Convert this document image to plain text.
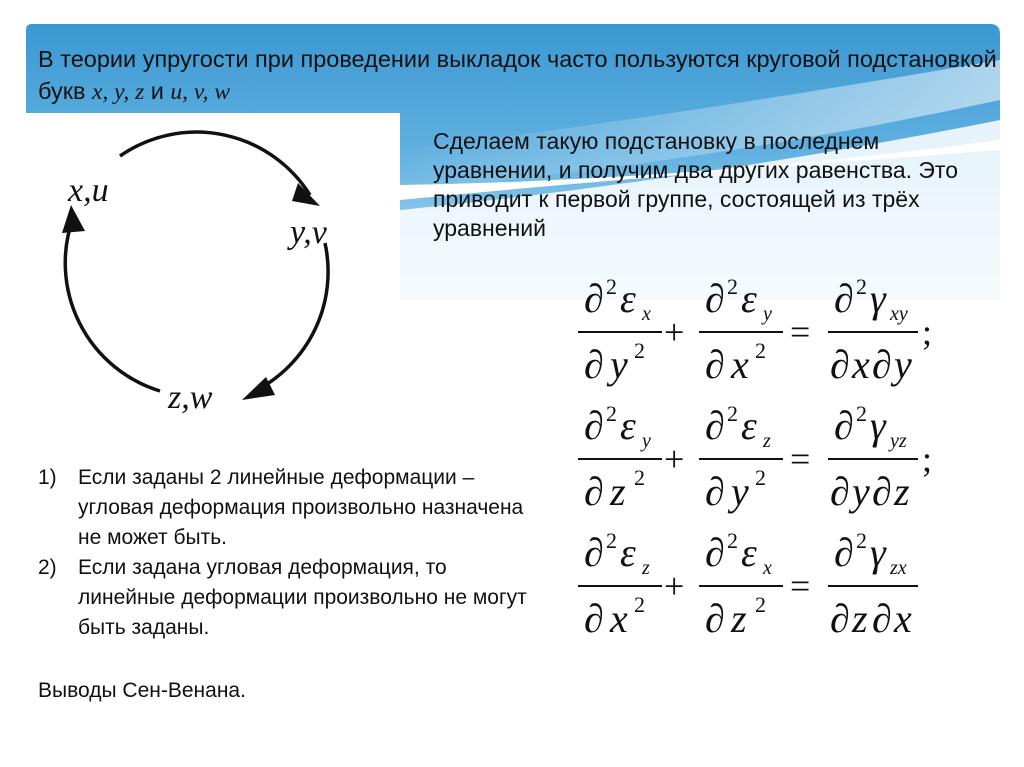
В теории упругости при проведении выкладок часто пользуются круговой подстановкой букв x, y, z и u, v, w
x,u
y,v
z,w
Сделаем такую подстановку в последнем уравнении, и получим два других равенства. Это приводит к первой группе, состоящей из трёх уравнений
∂ 2 ε x
∂ y 2 +
∂ 2 ε y
∂ x 2 =
∂ 2 γ xy
∂ x ∂ y
;
∂ 2 ε y
∂ z 2 +
∂ 2 ε z
∂ y 2 =
∂ 2 γ yz
∂ y ∂ z
;
∂ 2 ε z
∂ x 2 +
∂ 2 ε x
∂ z 2 =
∂ 2 γ zx
∂ z ∂ x
1) Если заданы 2 линейные деформации – угловая деформация произвольно назначена не может быть.
2) Если задана угловая деформация, то линейные деформации произвольно не могут быть заданы.
Выводы Сен-Венана.
